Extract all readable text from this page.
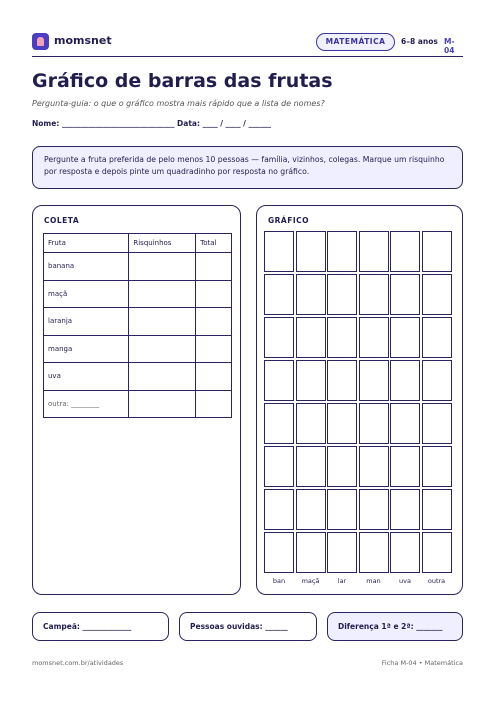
momsnet	MATEMÁTICA	6–8 anos M-04
Gráfico de barras das frutas
Pergunta-guia: o que o gráfico mostra mais rápido que a lista de nomes?
Nome: ______________________________ Data: ____ / ____ / ______
Pergunte a fruta preferida de pelo menos 10 pessoas — família, vizinhos, colegas. Marque um risquinho por resposta e depois pinte um quadradinho por resposta no gráfico.
COLETA
Fruta	Risquinhos	Total
banana		
maçã		
laranja		
manga		
uva		
outra: ________		
GRÁFICO
ban	maçã	lar	man	uva	outra
Campeã: _____________	Pessoas ouvidas: ______	Diferença 1ª e 2ª: _______
momsnet.com.br/atividades	Ficha M-04 • Matemática
